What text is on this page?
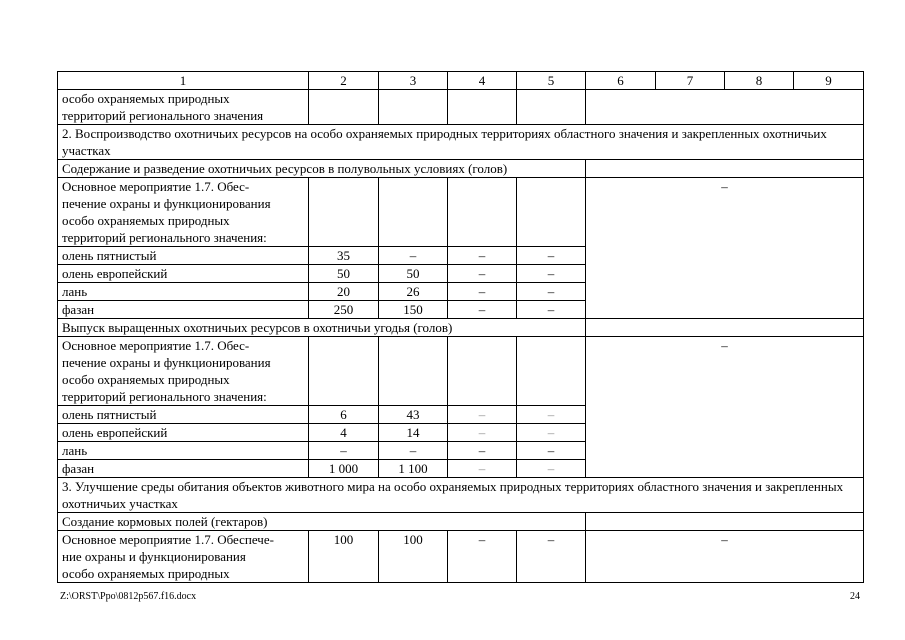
1	2	3	4	5	6	7	8	9
особо охраняемых природных
территорий регионального значения								
2. Воспроизводство охотничьих ресурсов на особо охраняемых природных территориях областного значения и закрепленных охотничьих участках								
Содержание и разведение охотничьих ресурсов в полувольных условиях (голов)								
Основное мероприятие 1.7. Обес-
печение охраны и функционирования
особо охраняемых природных
территорий регионального значения:					–			
олень пятнистый	35	–	–	–				
олень европейский	50	50	–	–				
лань	20	26	–	–				
фазан	250	150	–	–				
Выпуск выращенных охотничьих ресурсов в охотничьи угодья (голов)								
Основное мероприятие 1.7. Обес-
печение охраны и функционирования
особо охраняемых природных
территорий регионального значения:					–			
олень пятнистый	6	43	–	–				
олень европейский	4	14	–	–				
лань	–	–	–	–				
фазан	1 000	1 100	–	–				
3. Улучшение среды обитания объектов животного мира на особо охраняемых природных территориях областного значения и закрепленных охотничьих участках								
Создание кормовых полей (гектаров)								
Основное мероприятие 1.7. Обеспече-
ние охраны и функционирования
особо охраняемых природных	100	100	–	–	–			
Z:\ORST\Ppo\0812p567.f16.docx	24
